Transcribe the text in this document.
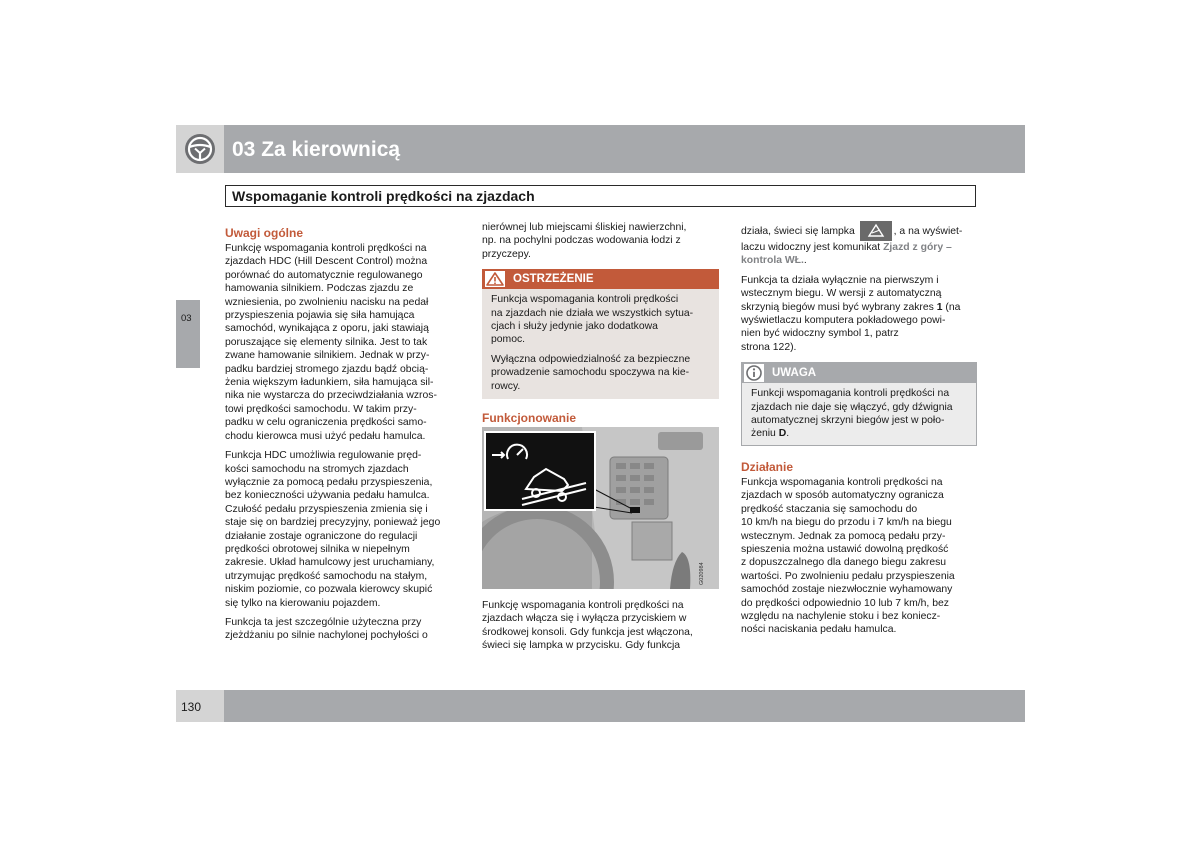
03 Za kierownicą
Wspomaganie kontroli prędkości na zjazdach
03
Uwagi ogólne

Funkcję wspomagania kontroli prędkości na
zjazdach HDC (Hill Descent Control) można
porównać do automatycznie regulowanego
hamowania silnikiem. Podczas zjazdu ze
wzniesienia, po zwolnieniu nacisku na pedał
przyspieszenia pojawia się siła hamująca
samochód, wynikająca z oporu, jaki stawiają
poruszające się elementy silnika. Jest to tak
zwane hamowanie silnikiem. Jednak w przy-
padku bardziej stromego zjazdu bądź obcią-
żenia większym ładunkiem, siła hamująca sil-
nika nie wystarcza do przeciwdziałania wzros-
towi prędkości samochodu. W takim przy-
padku w celu ograniczenia prędkości samo-
chodu kierowca musi użyć pedału hamulca.

Funkcja HDC umożliwia regulowanie pręd-
kości samochodu na stromych zjazdach
wyłącznie za pomocą pedału przyspieszenia,
bez konieczności używania pedału hamulca.
Czułość pedału przyspieszenia zmienia się i
staje się on bardziej precyzyjny, ponieważ jego
działanie zostaje ograniczone do regulacji
prędkości obrotowej silnika w niepełnym
zakresie. Układ hamulcowy jest uruchamiany,
utrzymując prędkość samochodu na stałym,
niskim poziomie, co pozwala kierowcy skupić
się tylko na kierowaniu pojazdem.

Funkcja ta jest szczególnie użyteczna przy
zjeżdżaniu po silnie nachylonej pochyłości o

nierównej lub miejscami śliskiej nawierzchni,
np. na pochylni podczas wodowania łodzi z
przyczepy.

OSTRZEŻENIE

Funkcja wspomagania kontroli prędkości
na zjazdach nie działa we wszystkich sytua-
cjach i służy jedynie jako dodatkowa
pomoc.

Wyłączna odpowiedzialność za bezpieczne
prowadzenie samochodu spoczywa na kie-
rowcy.

Funkcjonowanie
G020984

Funkcję wspomagania kontroli prędkości na
zjazdach włącza się i wyłącza przyciskiem w
środkowej konsoli. Gdy funkcja jest włączona,
świeci się lampka w przycisku. Gdy funkcja

działa, świeci się lampka	, a na wyświet-
laczu widoczny jest komunikat Zjazd z góry –
kontrola WŁ..

Funkcja ta działa wyłącznie na pierwszym i
wstecznym biegu. W wersji z automatyczną
skrzynią biegów musi być wybrany zakres 1 (na
wyświetlaczu komputera pokładowego powi-
nien być widoczny symbol 1, patrz
strona 122).

UWAGA

Funkcji wspomagania kontroli prędkości na
zjazdach nie daje się włączyć, gdy dźwignia
automatycznej skrzyni biegów jest w poło-
żeniu D.

Działanie

Funkcja wspomagania kontroli prędkości na
zjazdach w sposób automatyczny ogranicza
prędkość staczania się samochodu do
10 km/h na biegu do przodu i 7 km/h na biegu
wstecznym. Jednak za pomocą pedału przy-
spieszenia można ustawić dowolną prędkość
z dopuszczalnego dla danego biegu zakresu
wartości. Po zwolnieniu pedału przyspieszenia
samochód zostaje niezwłocznie wyhamowany
do prędkości odpowiednio 10 lub 7 km/h, bez
względu na nachylenie stoku i bez koniecz-
ności naciskania pedału hamulca.

130
